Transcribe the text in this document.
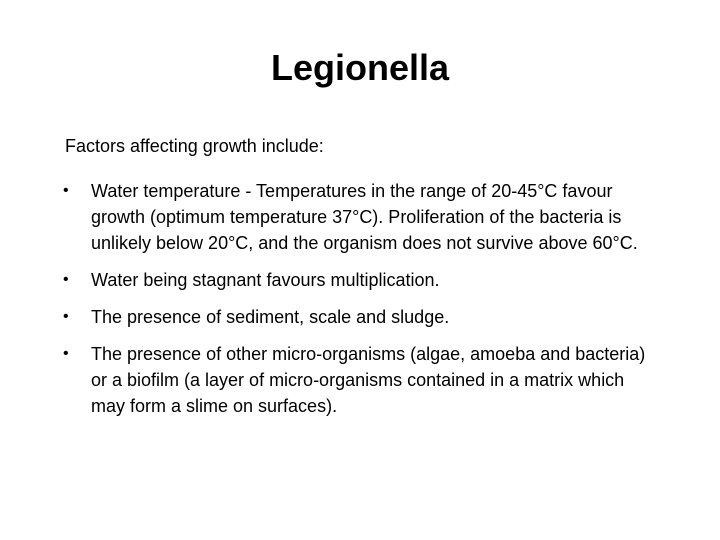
Legionella

Factors affecting growth include:

• Water temperature - Temperatures in the range of 20-45°C favour growth (optimum temperature 37°C). Proliferation of the bacteria is unlikely below 20°C, and the organism does not survive above 60°C.
• Water being stagnant favours multiplication.
• The presence of sediment, scale and sludge.
• The presence of other micro-organisms (algae, amoeba and bacteria) or a biofilm (a layer of micro-organisms contained in a matrix which may form a slime on surfaces).
